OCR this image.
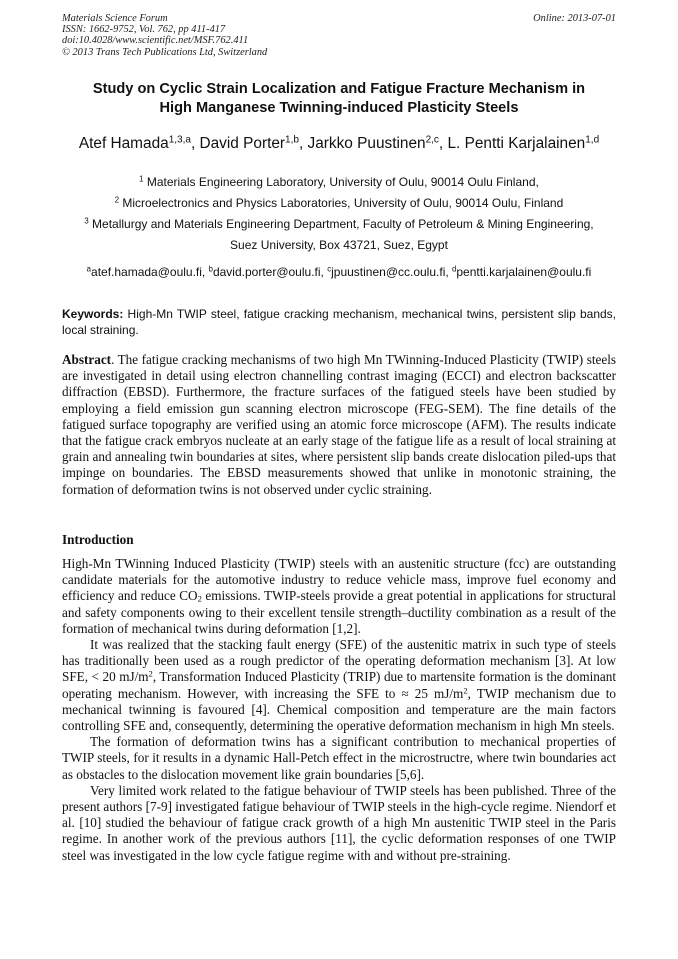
Materials Science Forum
ISSN: 1662-9752, Vol. 762, pp 411-417
doi:10.4028/www.scientific.net/MSF.762.411
© 2013 Trans Tech Publications Ltd, Switzerland
Online: 2013-07-01
Study on Cyclic Strain Localization and Fatigue Fracture Mechanism in
High Manganese Twinning-induced Plasticity Steels
Atef Hamada$^{1,3,a}$, David Porter$^{1,b}$, Jarkko Puustinen$^{2,c}$, L. Pentti Karjalainen$^{1,d}$
$^1$ Materials Engineering Laboratory, University of Oulu, 90014 Oulu Finland,
$^2$ Microelectronics and Physics Laboratories, University of Oulu, 90014 Oulu, Finland
$^3$ Metallurgy and Materials Engineering Department, Faculty of Petroleum & Mining Engineering,
Suez University, Box 43721, Suez, Egypt
$^a$atef.hamada@oulu.fi, $^b$david.porter@oulu.fi, $^c$jpuustinen@cc.oulu.fi, $^d$pentti.karjalainen@oulu.fi
Keywords: High-Mn TWIP steel, fatigue cracking mechanism, mechanical twins, persistent slip bands, local straining.
Abstract. The fatigue cracking mechanisms of two high Mn TWinning-Induced Plasticity (TWIP) steels are investigated in detail using electron channelling contrast imaging (ECCI) and electron backscatter diffraction (EBSD). Furthermore, the fracture surfaces of the fatigued steels have been studied by employing a field emission gun scanning electron microscope (FEG-SEM). The fine details of the fatigued surface topography are verified using an atomic force microscope (AFM). The results indicate that the fatigue crack embryos nucleate at an early stage of the fatigue life as a result of local straining at grain and annealing twin boundaries at sites, where persistent slip bands create dislocation piled-ups that impinge on boundaries. The EBSD measurements showed that unlike in monotonic straining, the formation of deformation twins is not observed under cyclic straining.
Introduction

High-Mn TWinning Induced Plasticity (TWIP) steels with an austenitic structure (fcc) are outstanding candidate materials for the automotive industry to reduce vehicle mass, improve fuel economy and efficiency and reduce $CO_2$ emissions. TWIP-steels provide a great potential in applications for structural and safety components owing to their excellent tensile strength–ductility combination as a result of the formation of mechanical twins during deformation [1,2].

It was realized that the stacking fault energy (SFE) of the austenitic matrix in such type of steels has traditionally been used as a rough predictor of the operating deformation mechanism [3]. At low SFE, < 20 $mJ/m^2$, Transformation Induced Plasticity (TRIP) due to martensite formation is the dominant operating mechanism. However, with increasing the SFE to ≈ 25 $mJ/m^2$, TWIP mechanism due to mechanical twinning is favoured [4]. Chemical composition and temperature are the main factors controlling SFE and, consequently, determining the operative deformation mechanism in high Mn steels.

The formation of deformation twins has a significant contribution to mechanical properties of TWIP steels, for it results in a dynamic Hall-Petch effect in the microstructre, where twin boundaries act as obstacles to the dislocation movement like grain boundaries [5,6].

Very limited work related to the fatigue behaviour of TWIP steels has been published. Three of the present authors [7-9] investigated fatigue behaviour of TWIP steels in the high-cycle regime. Niendorf et al. [10] studied the behaviour of fatigue crack growth of a high Mn austenitic TWIP steel in the Paris regime. In another work of the previous authors [11], the cyclic deformation responses of one TWIP steel was investigated in the low cycle fatigue regime with and without pre-straining.
